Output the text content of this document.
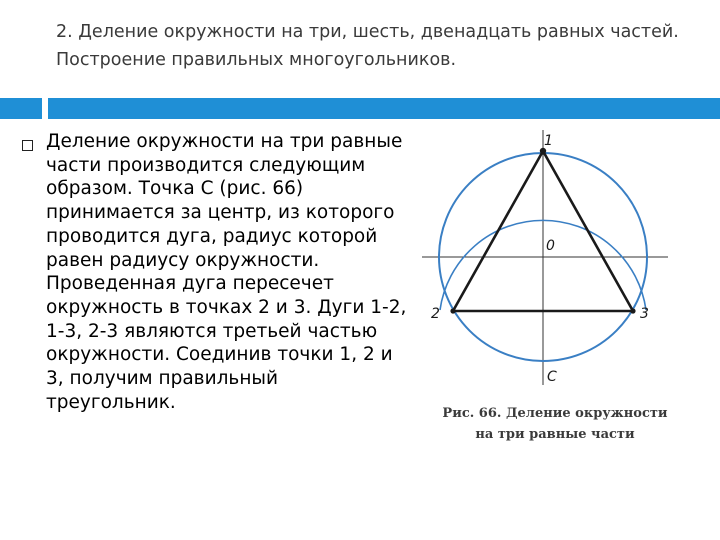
2. Деление окружности на три, шесть, двенадцать равных частей. Построение правильных многоугольников.
Деление окружности на три равные части производится следующим образом. Точка С (рис. 66) принимается за центр, из которого проводится дуга, радиус которой равен радиусу окружности. Проведенная дуга пересечет окружность в точках 2 и 3. Дуги 1-2, 1-3, 2-3 являются третьей частью окружности. Соединив точки 1, 2 и 3, получим правильный треугольник.
1
0
2	3
С
Рис. 66. Деление окружности
на три равные части
